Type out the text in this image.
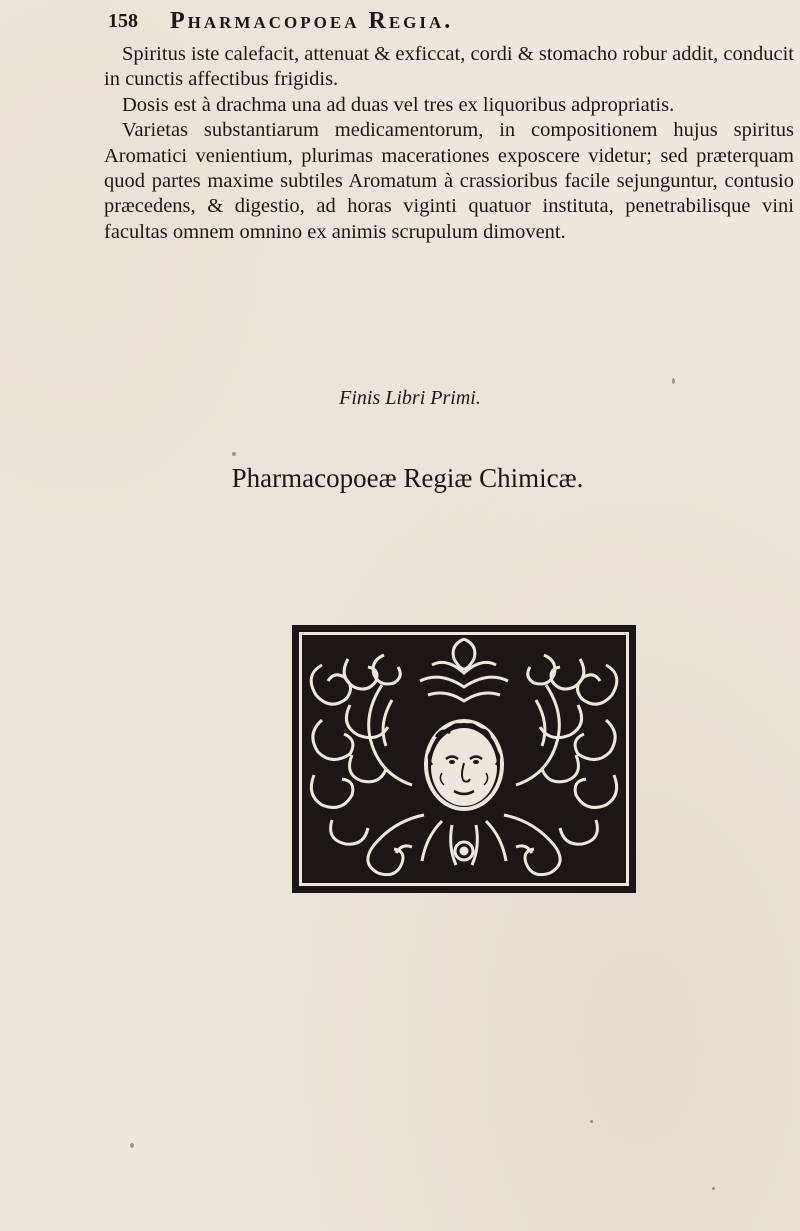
158 Pharmacopoea Regia.

Spiritus iste calefacit, attenuat & exficcat, cordi & stomacho robur addit, conducit in cunctis affectibus frigidis.

Dosis est à drachma una ad duas vel tres ex liquoribus adpropriatis.

Varietas substantiarum medicamentorum, in compositionem hujus spiritus Aromatici venientium, plurimas macerationes exposcere videtur; sed prӕterquam quod partes maxime subtiles Aromatum à crassioribus facile sejunguntur, contusio prӕcedens, & digestio, ad horas viginti quatuor instituta, penetrabilisque vini facultas omnem omnino ex animis scrupulum dimovent.

Finis Libri Primi.
Pharmacopoeæ Regiæ Chimicæ.
